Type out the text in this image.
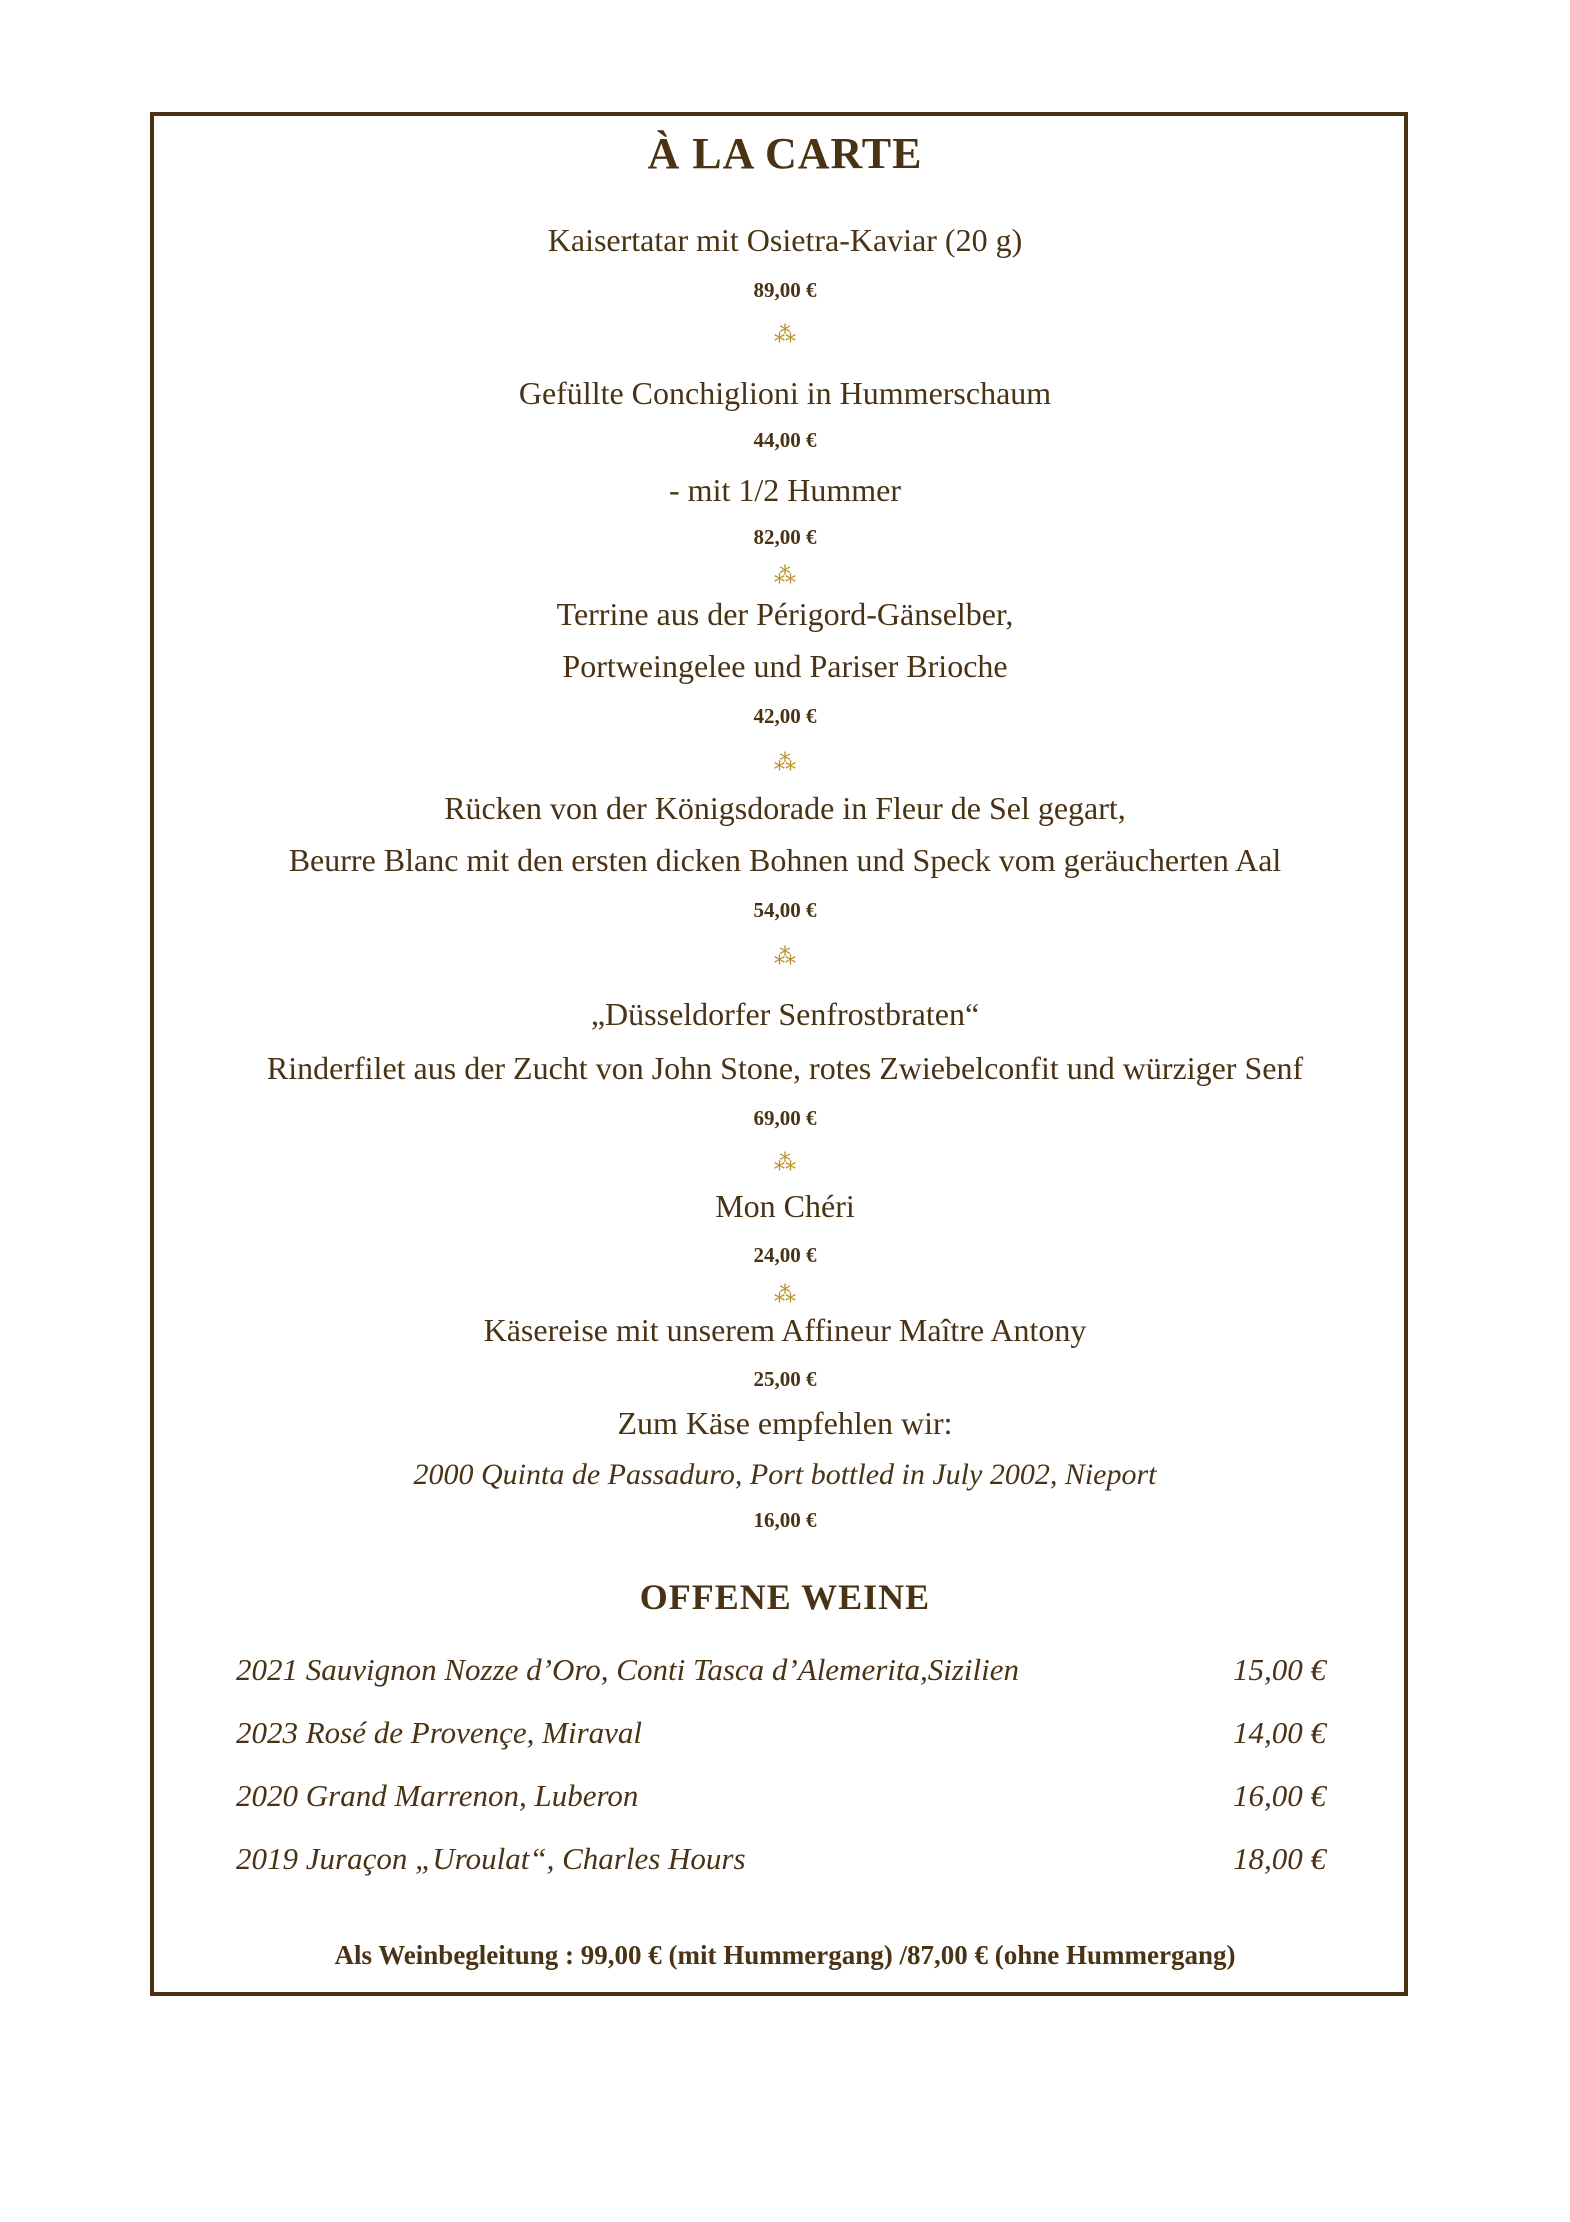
À LA CARTE
Kaisertatar mit Osietra-Kaviar (20 g)
89,00 €
⁂
Gefüllte Conchiglioni in Hummerschaum
44,00 €
- mit 1/2 Hummer
82,00 €
⁂
Terrine aus der Périgord-Gänselber,
Portweingelee und Pariser Brioche
42,00 €
⁂
Rücken von der Königsdorade in Fleur de Sel gegart,
Beurre Blanc mit den ersten dicken Bohnen und Speck vom geräucherten Aal
54,00 €
⁂
„Düsseldorfer Senfrostbraten“
Rinderfilet aus der Zucht von John Stone, rotes Zwiebelconfit und würziger Senf
69,00 €
⁂
Mon Chéri
24,00 €
⁂
Käsereise mit unserem Affineur Maître Antony
25,00 €
Zum Käse empfehlen wir:
2000 Quinta de Passaduro, Port bottled in July 2002, Nieport
16,00 €
OFFENE WEINE
2021 Sauvignon Nozze d’Oro, Conti Tasca d’Alemerita,Sizilien	15,00 €
2023 Rosé de Provençe, Miraval	14,00 €
2020 Grand Marrenon, Luberon	16,00 €
2019 Juraçon „Uroulat“, Charles Hours	18,00 €
Als Weinbegleitung : 99,00 € (mit Hummergang) /87,00 € (ohne Hummergang)
